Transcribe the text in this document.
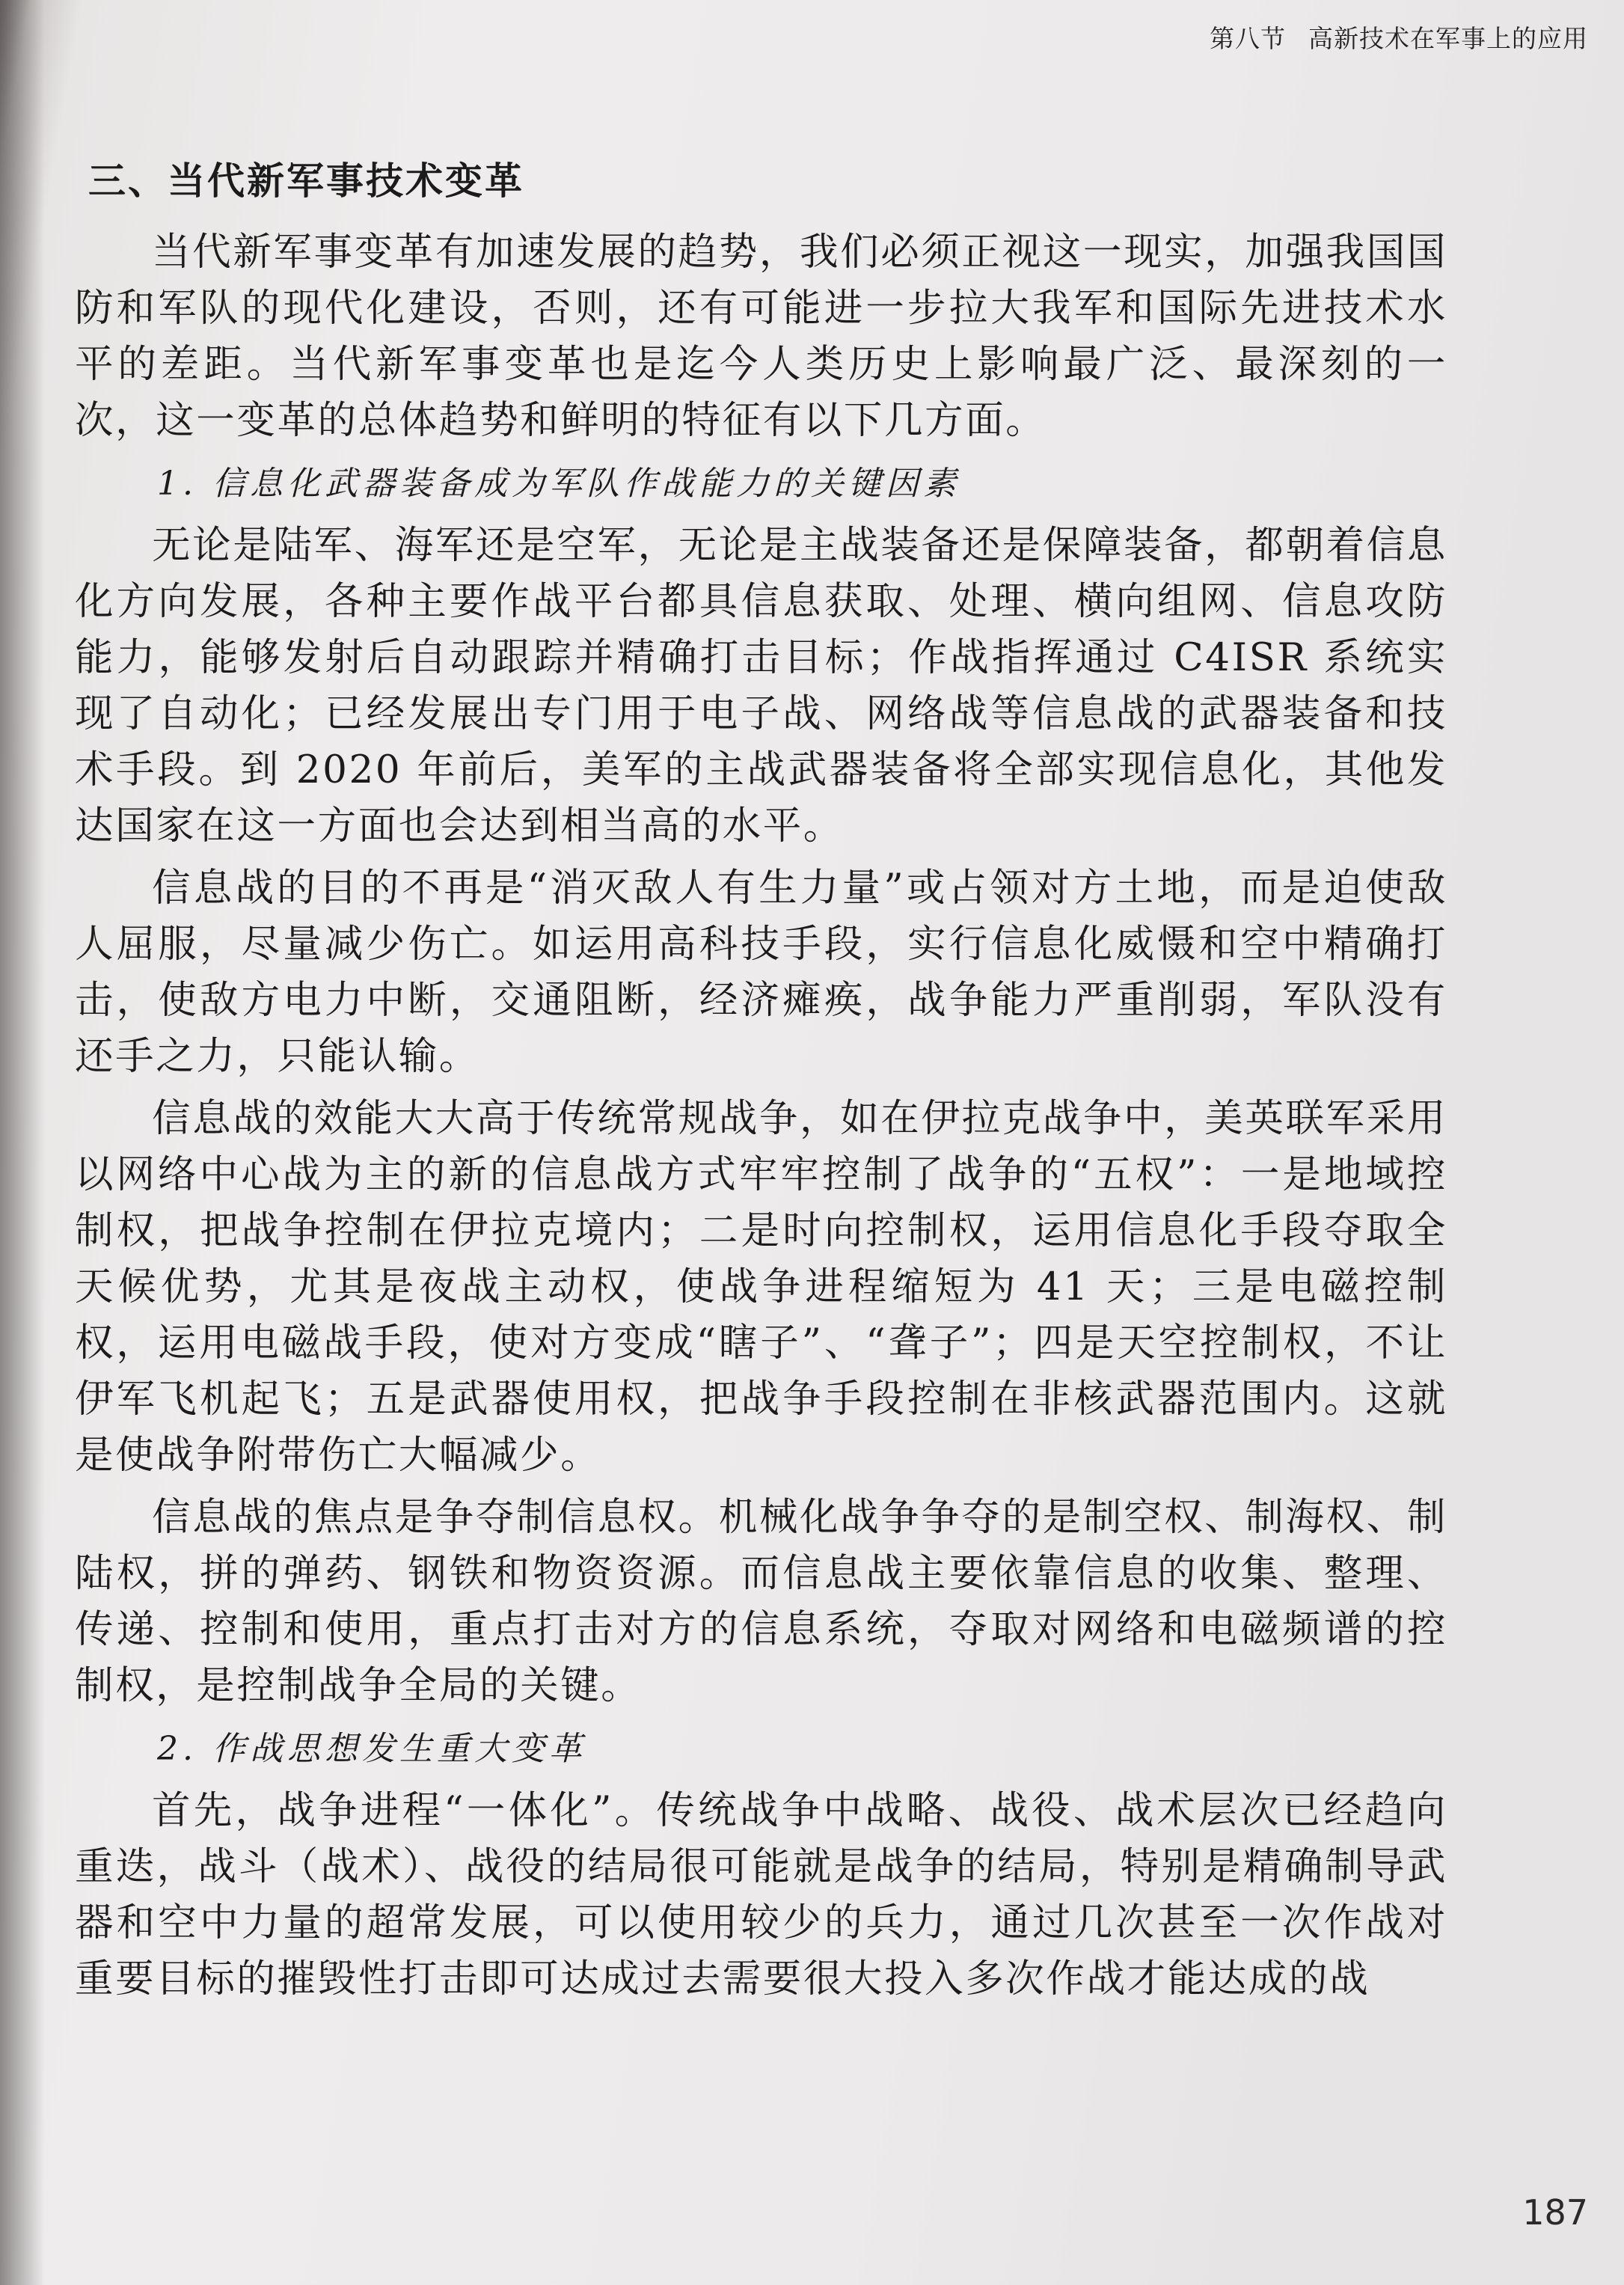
第八节 高新技术在军事上的应用
三、当代新军事技术变革

当代新军事变革有加速发展的趋势，我们必须正视这一现实，加强我国国防和军队的现代化建设，否则，还有可能进一步拉大我军和国际先进技术水平的差距。当代新军事变革也是迄今人类历史上影响最广泛、最深刻的一次，这一变革的总体趋势和鲜明的特征有以下几方面。

1. 信息化武器装备成为军队作战能力的关键因素

无论是陆军、海军还是空军，无论是主战装备还是保障装备，都朝着信息化方向发展，各种主要作战平台都具信息获取、处理、横向组网、信息攻防能力，能够发射后自动跟踪并精确打击目标；作战指挥通过 C4ISR 系统实现了自动化；已经发展出专门用于电子战、网络战等信息战的武器装备和技术手段。到 2020 年前后，美军的主战武器装备将全部实现信息化，其他发达国家在这一方面也会达到相当高的水平。

信息战的目的不再是“消灭敌人有生力量”或占领对方土地，而是迫使敌人屈服，尽量减少伤亡。如运用高科技手段，实行信息化威慑和空中精确打击，使敌方电力中断，交通阻断，经济瘫痪，战争能力严重削弱，军队没有还手之力，只能认输。

信息战的效能大大高于传统常规战争，如在伊拉克战争中，美英联军采用以网络中心战为主的新的信息战方式牢牢控制了战争的“五权”：一是地域控制权，把战争控制在伊拉克境内；二是时向控制权，运用信息化手段夺取全天候优势，尤其是夜战主动权，使战争进程缩短为 41 天；三是电磁控制权，运用电磁战手段，使对方变成“瞎子”、“聋子”；四是天空控制权，不让伊军飞机起飞；五是武器使用权，把战争手段控制在非核武器范围内。这就是使战争附带伤亡大幅减少。

信息战的焦点是争夺制信息权。机械化战争争夺的是制空权、制海权、制陆权，拼的弹药、钢铁和物资资源。而信息战主要依靠信息的收集、整理、传递、控制和使用，重点打击对方的信息系统，夺取对网络和电磁频谱的控制权，是控制战争全局的关键。

2. 作战思想发生重大变革

首先，战争进程“一体化”。传统战争中战略、战役、战术层次已经趋向重迭，战斗（战术）、战役的结局很可能就是战争的结局，特别是精确制导武器和空中力量的超常发展，可以使用较少的兵力，通过几次甚至一次作战对重要目标的摧毁性打击即可达成过去需要很大投入多次作战才能达成的战

187
